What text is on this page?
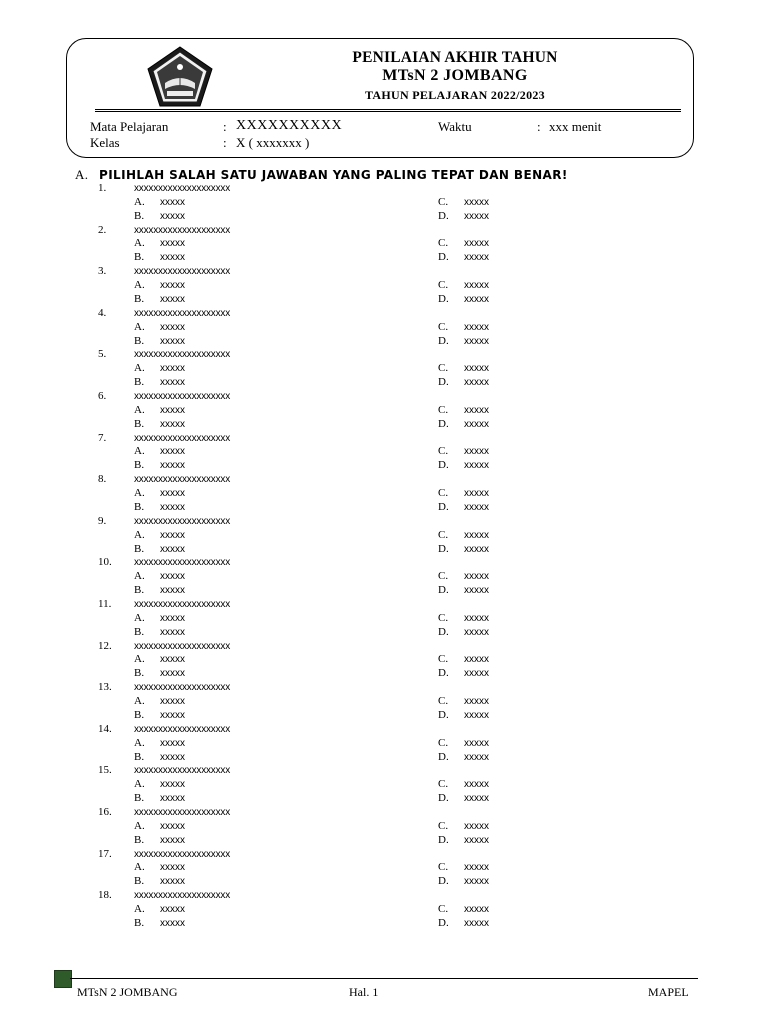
PENILAIAN AKHIR TAHUN
MTsN 2 JOMBANG
TAHUN PELAJARAN 2022/2023
Mata Pelajaran	: XXXXXXXXXX	Waktu	: xxx menit
Kelas	: X ( xxxxxxx )
A. PILIHLAH SALAH SATU JAWABAN YANG PALING TEPAT DAN BENAR!
1.	xxxxxxxxxxxxxxxxxxxx
A. xxxxx
B. xxxxx
C. xxxxx
D. xxxxx
2.	xxxxxxxxxxxxxxxxxxxx
A. xxxxx
B. xxxxx
C. xxxxx
D. xxxxx
3.	xxxxxxxxxxxxxxxxxxxx
A. xxxxx
B. xxxxx
C. xxxxx
D. xxxxx
4.	xxxxxxxxxxxxxxxxxxxx
A. xxxxx
B. xxxxx
C. xxxxx
D. xxxxx
5.	xxxxxxxxxxxxxxxxxxxx
A. xxxxx
B. xxxxx
C. xxxxx
D. xxxxx
6.	xxxxxxxxxxxxxxxxxxxx
A. xxxxx
B. xxxxx
C. xxxxx
D. xxxxx
7.	xxxxxxxxxxxxxxxxxxxx
A. xxxxx
B. xxxxx
C. xxxxx
D. xxxxx
8.	xxxxxxxxxxxxxxxxxxxx
A. xxxxx
B. xxxxx
C. xxxxx
D. xxxxx
9.	xxxxxxxxxxxxxxxxxxxx
A. xxxxx
B. xxxxx
C. xxxxx
D. xxxxx
10. xxxxxxxxxxxxxxxxxxxx
A. xxxxx
B. xxxxx
C. xxxxx
D. xxxxx
11. xxxxxxxxxxxxxxxxxxxx
A. xxxxx
B. xxxxx
C. xxxxx
D. xxxxx
12. xxxxxxxxxxxxxxxxxxxx
A. xxxxx
B. xxxxx
C. xxxxx
D. xxxxx
13. xxxxxxxxxxxxxxxxxxxx
A. xxxxx
B. xxxxx
C. xxxxx
D. xxxxx
14. xxxxxxxxxxxxxxxxxxxx
A. xxxxx
B. xxxxx
C. xxxxx
D. xxxxx
15. xxxxxxxxxxxxxxxxxxxx
A. xxxxx
B. xxxxx
C. xxxxx
D. xxxxx
16. xxxxxxxxxxxxxxxxxxxx
A. xxxxx
B. xxxxx
C. xxxxx
D. xxxxx
17. xxxxxxxxxxxxxxxxxxxx
A. xxxxx
B. xxxxx
C. xxxxx
D. xxxxx
18. xxxxxxxxxxxxxxxxxxxx
A. xxxxx
B. xxxxx
C. xxxxx
D. xxxxx
MTsN 2 JOMBANG	Hal. 1	MAPEL
